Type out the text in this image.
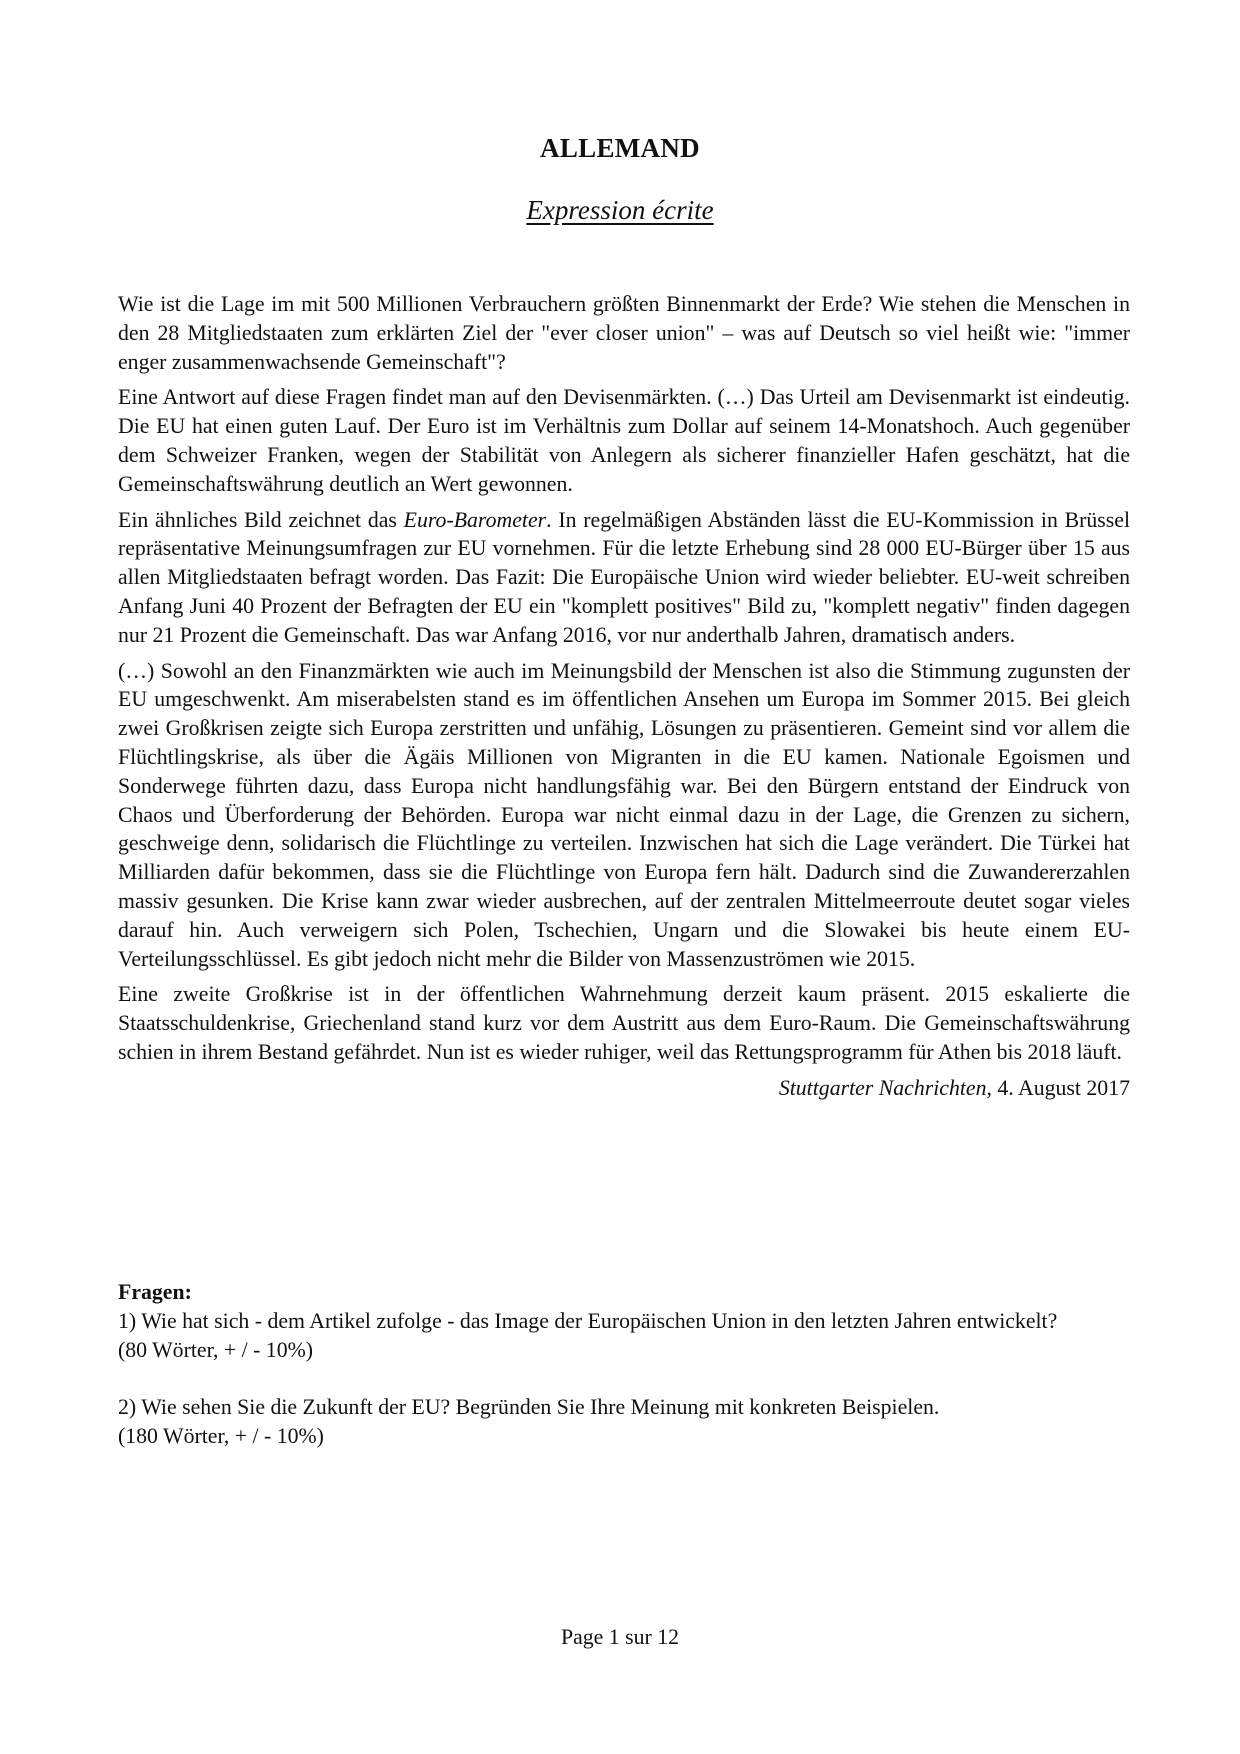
ALLEMAND
Expression écrite

Wie ist die Lage im mit 500 Millionen Verbrauchern größten Binnenmarkt der Erde? Wie stehen die Menschen in den 28 Mitgliedstaaten zum erklärten Ziel der "ever closer union" – was auf Deutsch so viel heißt wie: "immer enger zusammenwachsende Gemeinschaft"?

Eine Antwort auf diese Fragen findet man auf den Devisenmärkten. (…) Das Urteil am Devisenmarkt ist eindeutig. Die EU hat einen guten Lauf. Der Euro ist im Verhältnis zum Dollar auf seinem 14-Monatshoch. Auch gegenüber dem Schweizer Franken, wegen der Stabilität von Anlegern als sicherer finanzieller Hafen geschätzt, hat die Gemeinschaftswährung deutlich an Wert gewonnen.

Ein ähnliches Bild zeichnet das Euro-Barometer. In regelmäßigen Abständen lässt die EU-Kommission in Brüssel repräsentative Meinungsumfragen zur EU vornehmen. Für die letzte Erhebung sind 28 000 EU-Bürger über 15 aus allen Mitgliedstaaten befragt worden. Das Fazit: Die Europäische Union wird wieder beliebter. EU-weit schreiben Anfang Juni 40 Prozent der Befragten der EU ein "komplett positives" Bild zu, "komplett negativ" finden dagegen nur 21 Prozent die Gemeinschaft. Das war Anfang 2016, vor nur anderthalb Jahren, dramatisch anders.

(…) Sowohl an den Finanzmärkten wie auch im Meinungsbild der Menschen ist also die Stimmung zugunsten der EU umgeschwenkt. Am miserabelsten stand es im öffentlichen Ansehen um Europa im Sommer 2015. Bei gleich zwei Großkrisen zeigte sich Europa zerstritten und unfähig, Lösungen zu präsentieren. Gemeint sind vor allem die Flüchtlingskrise, als über die Ägäis Millionen von Migranten in die EU kamen. Nationale Egoismen und Sonderwege führten dazu, dass Europa nicht handlungsfähig war. Bei den Bürgern entstand der Eindruck von Chaos und Überforderung der Behörden. Europa war nicht einmal dazu in der Lage, die Grenzen zu sichern, geschweige denn, solidarisch die Flüchtlinge zu verteilen. Inzwischen hat sich die Lage verändert. Die Türkei hat Milliarden dafür bekommen, dass sie die Flüchtlinge von Europa fern hält. Dadurch sind die Zuwandererzahlen massiv gesunken. Die Krise kann zwar wieder ausbrechen, auf der zentralen Mittelmeerroute deutet sogar vieles darauf hin. Auch verweigern sich Polen, Tschechien, Ungarn und die Slowakei bis heute einem EU-Verteilungsschlüssel. Es gibt jedoch nicht mehr die Bilder von Massenzuströmen wie 2015.

Eine zweite Großkrise ist in der öffentlichen Wahrnehmung derzeit kaum präsent. 2015 eskalierte die Staatsschuldenkrise, Griechenland stand kurz vor dem Austritt aus dem Euro-Raum. Die Gemeinschaftswährung schien in ihrem Bestand gefährdet. Nun ist es wieder ruhiger, weil das Rettungsprogramm für Athen bis 2018 läuft.

Stuttgarter Nachrichten, 4. August 2017

Fragen:

1) Wie hat sich - dem Artikel zufolge - das Image der Europäischen Union in den letzten Jahren entwickelt?

(80 Wörter, + / - 10%)

2) Wie sehen Sie die Zukunft der EU? Begründen Sie Ihre Meinung mit konkreten Beispielen.

(180 Wörter, + / - 10%)

Page 1 sur 12
